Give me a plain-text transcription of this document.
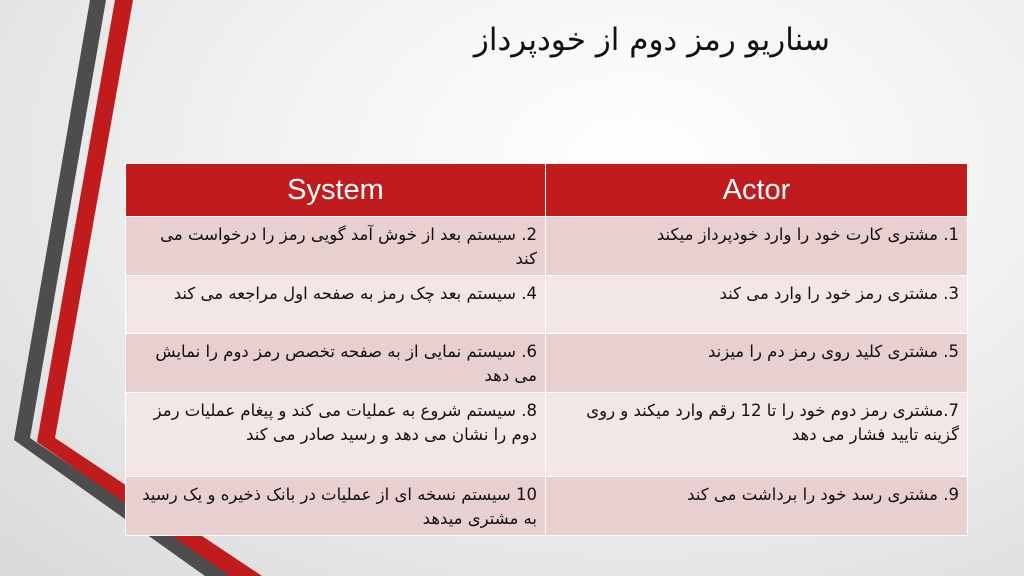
سناریو رمز دوم از خودپرداز
System	Actor
2. سیستم بعد از خوش آمد گویی رمز را درخواست می کند	1. مشتری کارت خود را وارد خودپرداز میکند
4. سیستم بعد چک رمز به صفحه اول مراجعه می کند	3. مشتری رمز خود را وارد می کند
6. سیستم نمایی از به صفحه تخصص رمز دوم را نمایش می دهد	5. مشتری کلید روی رمز دم را میزند
8. سیستم شروع به عملیات می کند و پیغام عملیات رمز دوم را نشان می دهد و رسید صادر می کند	7.مشتری رمز دوم خود را تا 12 رقم وارد میکند و روی گزینه تایید فشار می دهد
10 سیستم نسخه ای از عملیات در بانک ذخیره و یک رسید به مشتری میدهد	9. مشتری رسد خود را برداشت می کند
